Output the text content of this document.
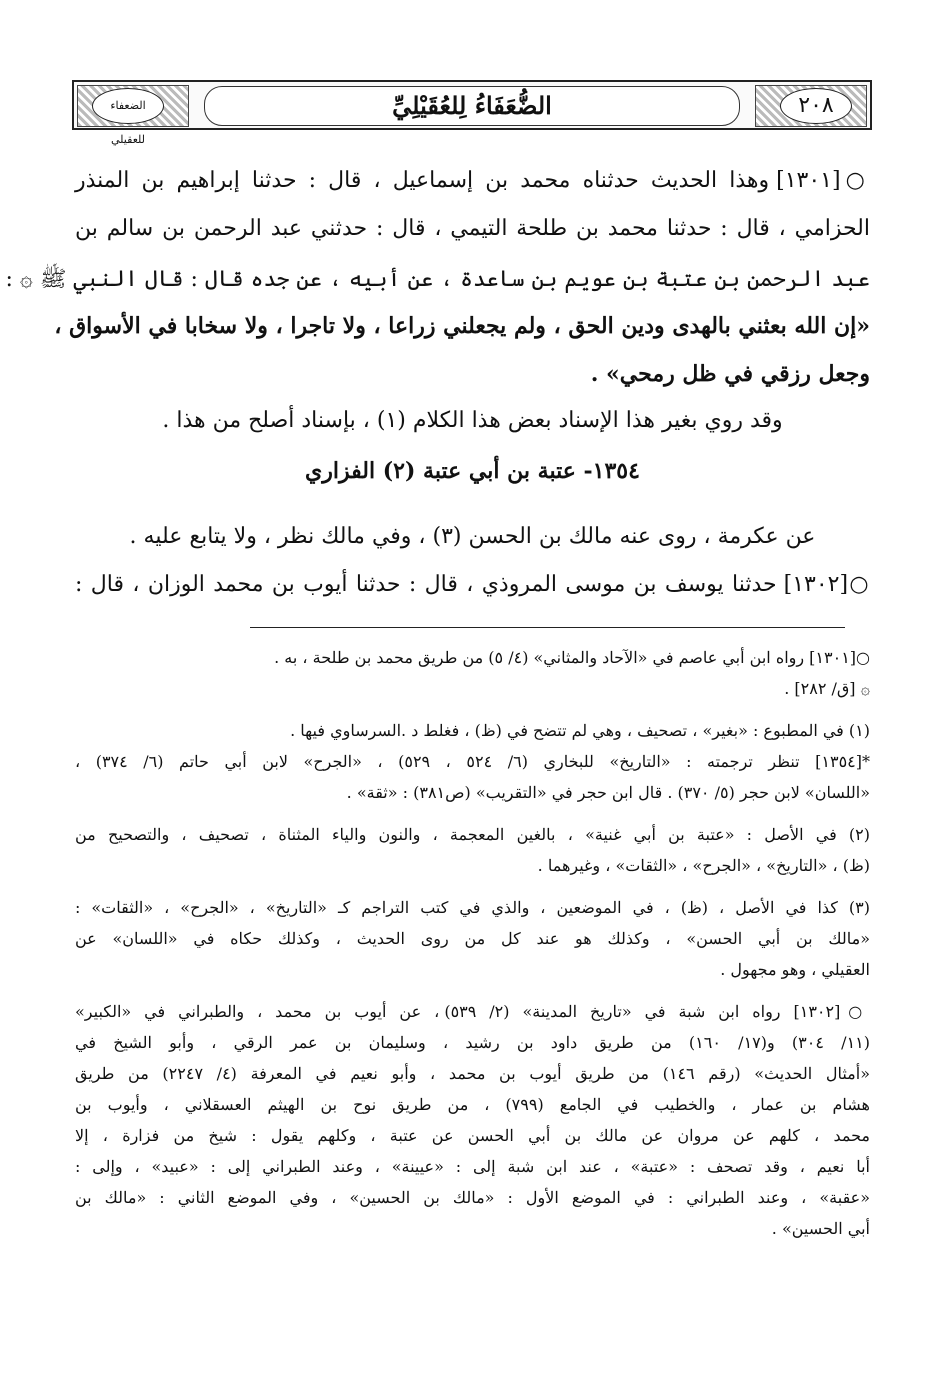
٢٠٨
الضعفاء للعقيلي
الضُّعَفَاءُ لِلعُقَيْلِيِّ
○[١٣٠١] وهذا الحديث حدثناه محمد بن إسماعيل ، قال : حدثنا إبراهيم بن المنذر
الحزامي ، قال : حدثنا محمد بن طلحة التيمي ، قال : حدثني عبد الرحمن بن سالم بن
عبد الرحمن بن عتبة بن عويم بن ساعدة ، عن أبيه ، عن جده قال : قال النبي ﷺ ۞ :
«إن الله بعثني بالهدى ودين الحق ، ولم يجعلني زراعا ، ولا تاجرا ، ولا سخابا في الأسواق ،
وجعل رزقي في ظل رمحي» .
وقد روي بغير هذا الإسناد بعض هذا الكلام (١) ، بإسناد أصلح من هذا .
١٣٥٤- عتبة بن أبي عتبة (٢) الفزاري
عن عكرمة ، روى عنه مالك بن الحسن (٣) ، وفي مالك نظر ، ولا يتابع عليه .
○[١٣٠٢] حدثنا يوسف بن موسى المروذي ، قال : حدثنا أيوب بن محمد الوزان ، قال :
○[١٣٠١] رواه ابن أبي عاصم في «الآحاد والمثاني» (٤/ ٥) من طريق محمد بن طلحة ، به .
۞ [ق/ ٢٨٢] .
(١) في المطبوع : «بغير» ، تصحيف ، وهي لم تتضح في (ظ) ، فغلط د .السرساوي فيها .
*[١٣٥٤] تنظر ترجمته : «التاريخ» للبخاري (٦/ ٥٢٤ ، ٥٢٩) ، «الجرح» لابن أبي حاتم (٦/ ٣٧٤) ،
«اللسان» لابن حجر (٥/ ٣٧٠) . قال ابن حجر في «التقريب» (ص٣٨١) : «ثقة» .
(٢) في الأصل : «عتبة بن أبي غنية» ، بالغين المعجمة ، والنون والياء المثناة ، تصحيف ، والتصحيح من
(ظ) ، «التاريخ» ، «الجرح» ، «الثقات» ، وغيرهما .
(٣) كذا في الأصل ، (ظ) ، في الموضعين ، والذي في كتب التراجم كـ «التاريخ» ، «الجرح» ، «الثقات» :
«مالك بن أبي الحسن» ، وكذلك هو عند كل من روى الحديث ، وكذلك حكاه في «اللسان» عن
العقيلي ، وهو مجهول .
○[١٣٠٢] رواه ابن شبة في «تاريخ المدينة» (٢/ ٥٣٩) ، عن أيوب بن محمد ، والطبراني في «الكبير»
(١١/ ٣٠٤) و(١٧/ ١٦٠) من طريق داود بن رشيد ، وسليمان بن عمر الرقي ، وأبو الشيخ في
«أمثال الحديث» (رقم ١٤٦) من طريق أيوب بن محمد ، وأبو نعيم في المعرفة (٤/ ٢٢٤٧) من طريق
هشام بن عمار ، والخطيب في الجامع (٧٩٩) ، من طريق نوح بن الهيثم العسقلاني ، وأيوب بن
محمد ، كلهم عن مروان عن مالك بن أبي الحسن عن عتبة ، وكلهم يقول : شيخ من فزارة ، إلا
أبا نعيم ، وقد تصحف : «عتبة» ، عند ابن شبة إلى : «عيينة» ، وعند الطبراني إلى : «عبيد» ، وإلى :
«عقبة» ، وعند الطبراني : في الموضع الأول : «مالك بن الحسين» ، وفي الموضع الثاني : «مالك بن
أبي الحسين» .
